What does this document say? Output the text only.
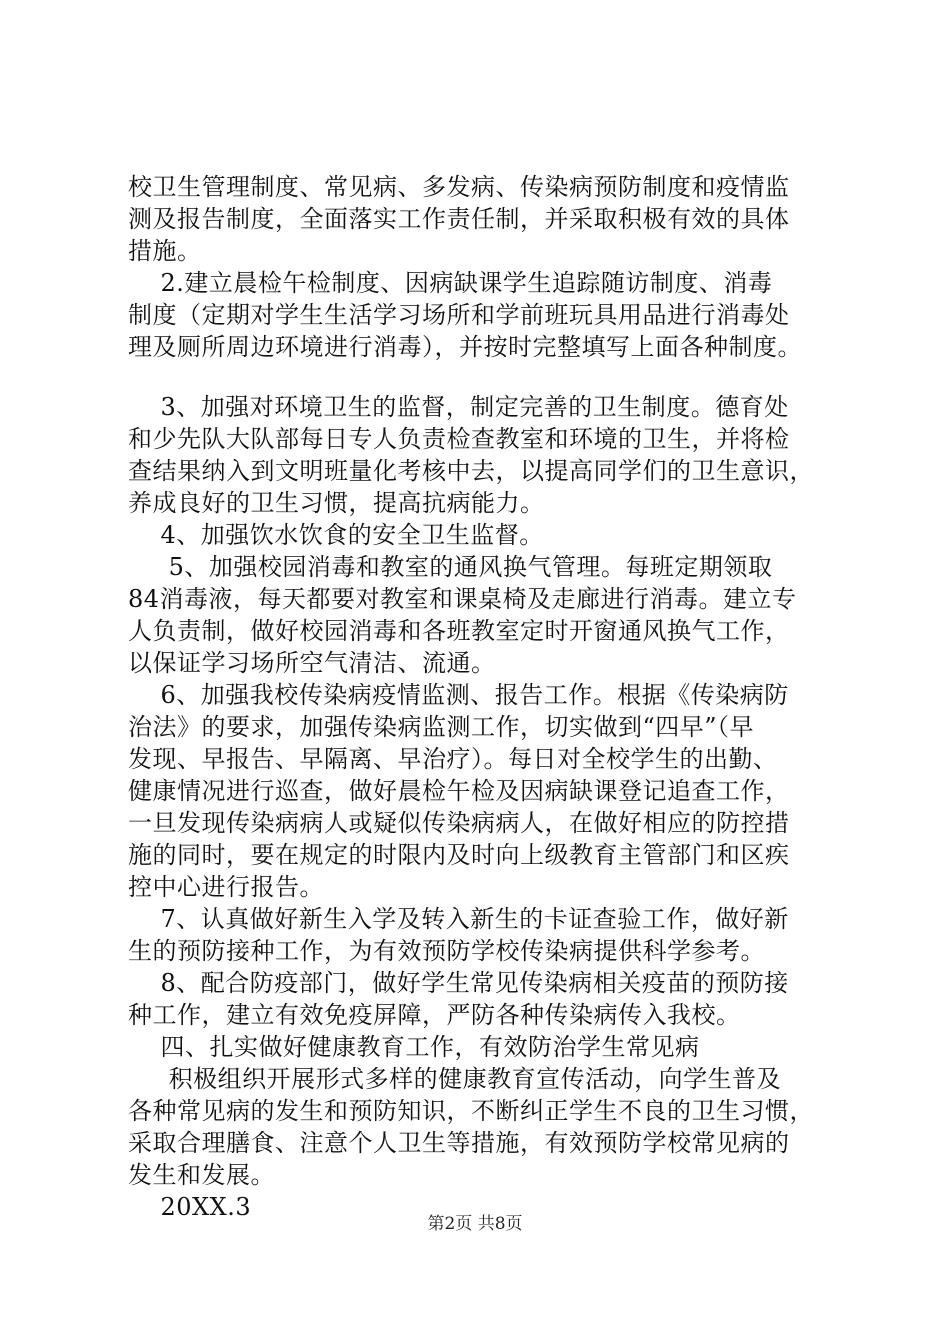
校卫生管理制度、常见病、多发病、传染病预防制度和疫情监
测及报告制度，全面落实工作责任制，并采取积极有效的具体
措施。
2.建立晨检午检制度、因病缺课学生追踪随访制度、消毒
制度（定期对学生生活学习场所和学前班玩具用品进行消毒处
理及厕所周边环境进行消毒），并按时完整填写上面各种制度。
3、加强对环境卫生的监督，制定完善的卫生制度。德育处
和少先队大队部每日专人负责检查教室和环境的卫生，并将检
查结果纳入到文明班量化考核中去，以提高同学们的卫生意识，
养成良好的卫生习惯，提高抗病能力。
4、加强饮水饮食的安全卫生监督。
5、加强校园消毒和教室的通风换气管理。每班定期领取
84消毒液，每天都要对教室和课桌椅及走廊进行消毒。建立专
人负责制，做好校园消毒和各班教室定时开窗通风换气工作，
以保证学习场所空气清洁、流通。
6、加强我校传染病疫情监测、报告工作。根据《传染病防
治法》的要求，加强传染病监测工作，切实做到“四早”（早
发现、早报告、早隔离、早治疗）。每日对全校学生的出勤、
健康情况进行巡查，做好晨检午检及因病缺课登记追查工作，
一旦发现传染病病人或疑似传染病病人，在做好相应的防控措
施的同时，要在规定的时限内及时向上级教育主管部门和区疾
控中心进行报告。
7、认真做好新生入学及转入新生的卡证查验工作，做好新
生的预防接种工作，为有效预防学校传染病提供科学参考。
8、配合防疫部门，做好学生常见传染病相关疫苗的预防接
种工作，建立有效免疫屏障，严防各种传染病传入我校。
四、扎实做好健康教育工作，有效防治学生常见病
积极组织开展形式多样的健康教育宣传活动，向学生普及
各种常见病的发生和预防知识，不断纠正学生不良的卫生习惯，
采取合理膳食、注意个人卫生等措施，有效预防学校常见病的
发生和发展。
20XX.3
第2页 共8页
